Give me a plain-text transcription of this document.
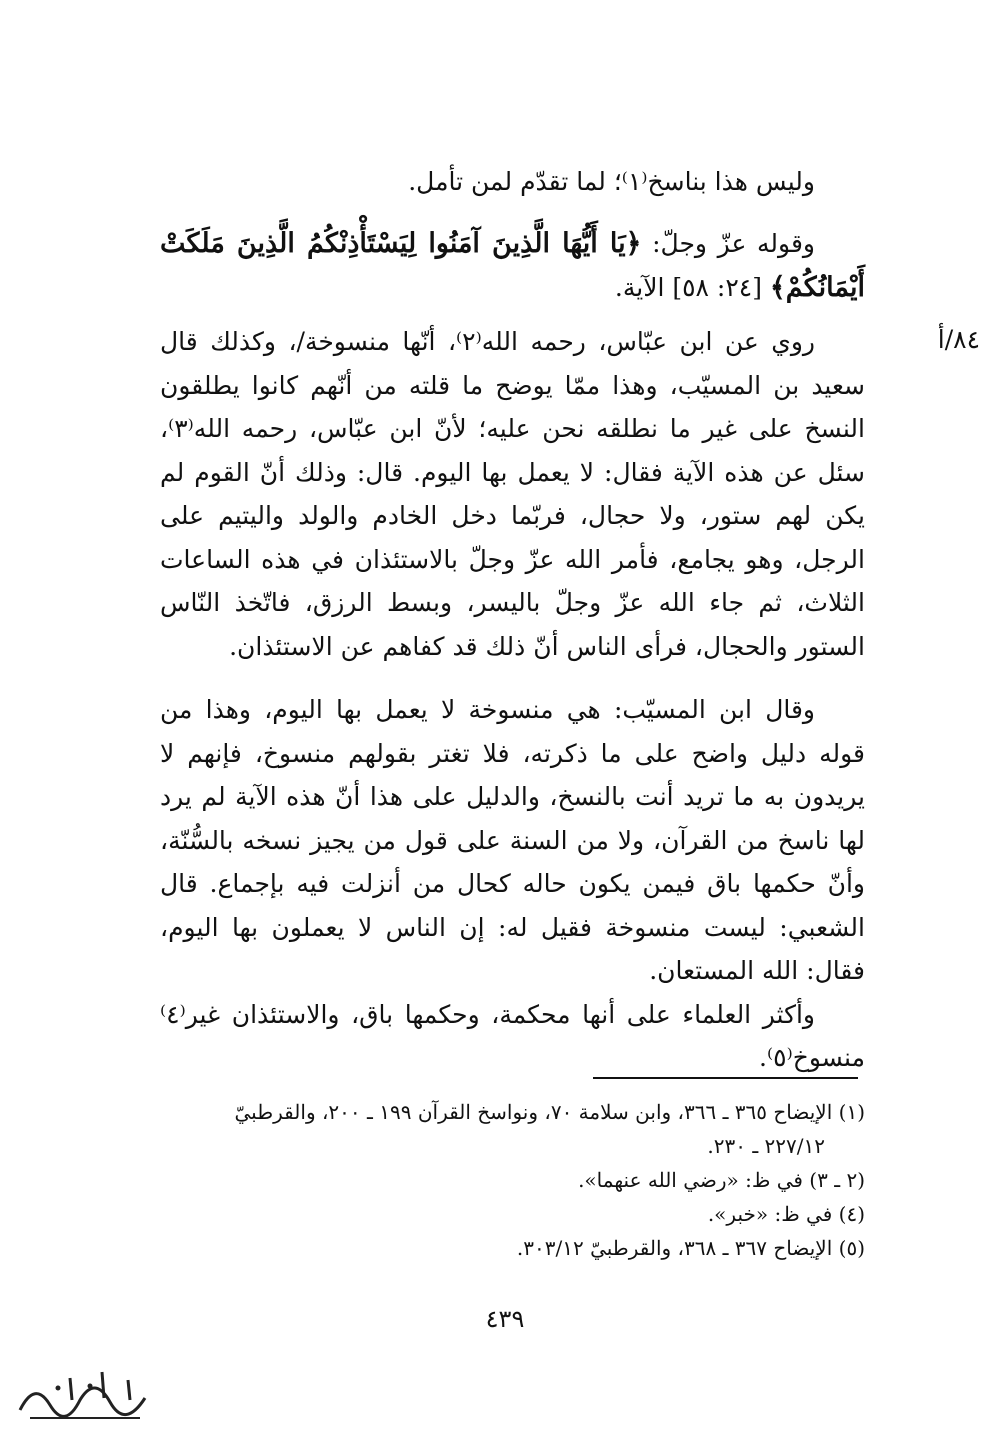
وليس هذا بناسخ⁽١⁾؛ لما تقدّم لمن تأمل.

وقوله عزّ وجلّ: ﴿يَا أَيُّهَا الَّذِينَ آمَنُوا لِيَسْتَأْذِنْكُمُ الَّذِينَ مَلَكَتْ أَيْمَانُكُمْ﴾ [٢٤: ٥٨] الآية.

٨٤/أ

روي عن ابن عبّاس، رحمه الله⁽٢⁾، أنّها منسوخة/، وكذلك قال سعيد بن المسيّب، وهذا ممّا يوضح ما قلته من أنّهم كانوا يطلقون النسخ على غير ما نطلقه نحن عليه؛ لأنّ ابن عبّاس، رحمه الله⁽٣⁾، سئل عن هذه الآية فقال: لا يعمل بها اليوم. قال: وذلك أنّ القوم لم يكن لهم ستور، ولا حجال، فربّما دخل الخادم والولد واليتيم على الرجل، وهو يجامع، فأمر الله عزّ وجلّ بالاستئذان في هذه الساعات الثلاث، ثم جاء الله عزّ وجلّ باليسر، وبسط الرزق، فاتّخذ النّاس الستور والحجال، فرأى الناس أنّ ذلك قد كفاهم عن الاستئذان.

وقال ابن المسيّب: هي منسوخة لا يعمل بها اليوم، وهذا من قوله دليل واضح على ما ذكرته، فلا تغتر بقولهم منسوخ، فإنهم لا يريدون به ما تريد أنت بالنسخ، والدليل على هذا أنّ هذه الآية لم يرد لها ناسخ من القرآن، ولا من السنة على قول من يجيز نسخه بالسُّنّة، وأنّ حكمها باق فيمن يكون حاله كحال من أنزلت فيه بإجماع. قال الشعبي: ليست منسوخة فقيل له: إن الناس لا يعملون بها اليوم، فقال: الله المستعان.

وأكثر العلماء على أنها محكمة، وحكمها باق، والاستئذان غير⁽٤⁾ منسوخ⁽٥⁾.

(١) الإيضاح ٣٦٥ ـ ٣٦٦، وابن سلامة ٧٠، ونواسخ القرآن ١٩٩ ـ ٢٠٠، والقرطبيّ

٢٢٧/١٢ ـ ٢٣٠.

(٢ ـ ٣) في ظ: «رضي الله عنهما».

(٤) في ظ: «خبر».

(٥) الإيضاح ٣٦٧ ـ ٣٦٨، والقرطبيّ ٣٠٣/١٢.

٤٣٩
